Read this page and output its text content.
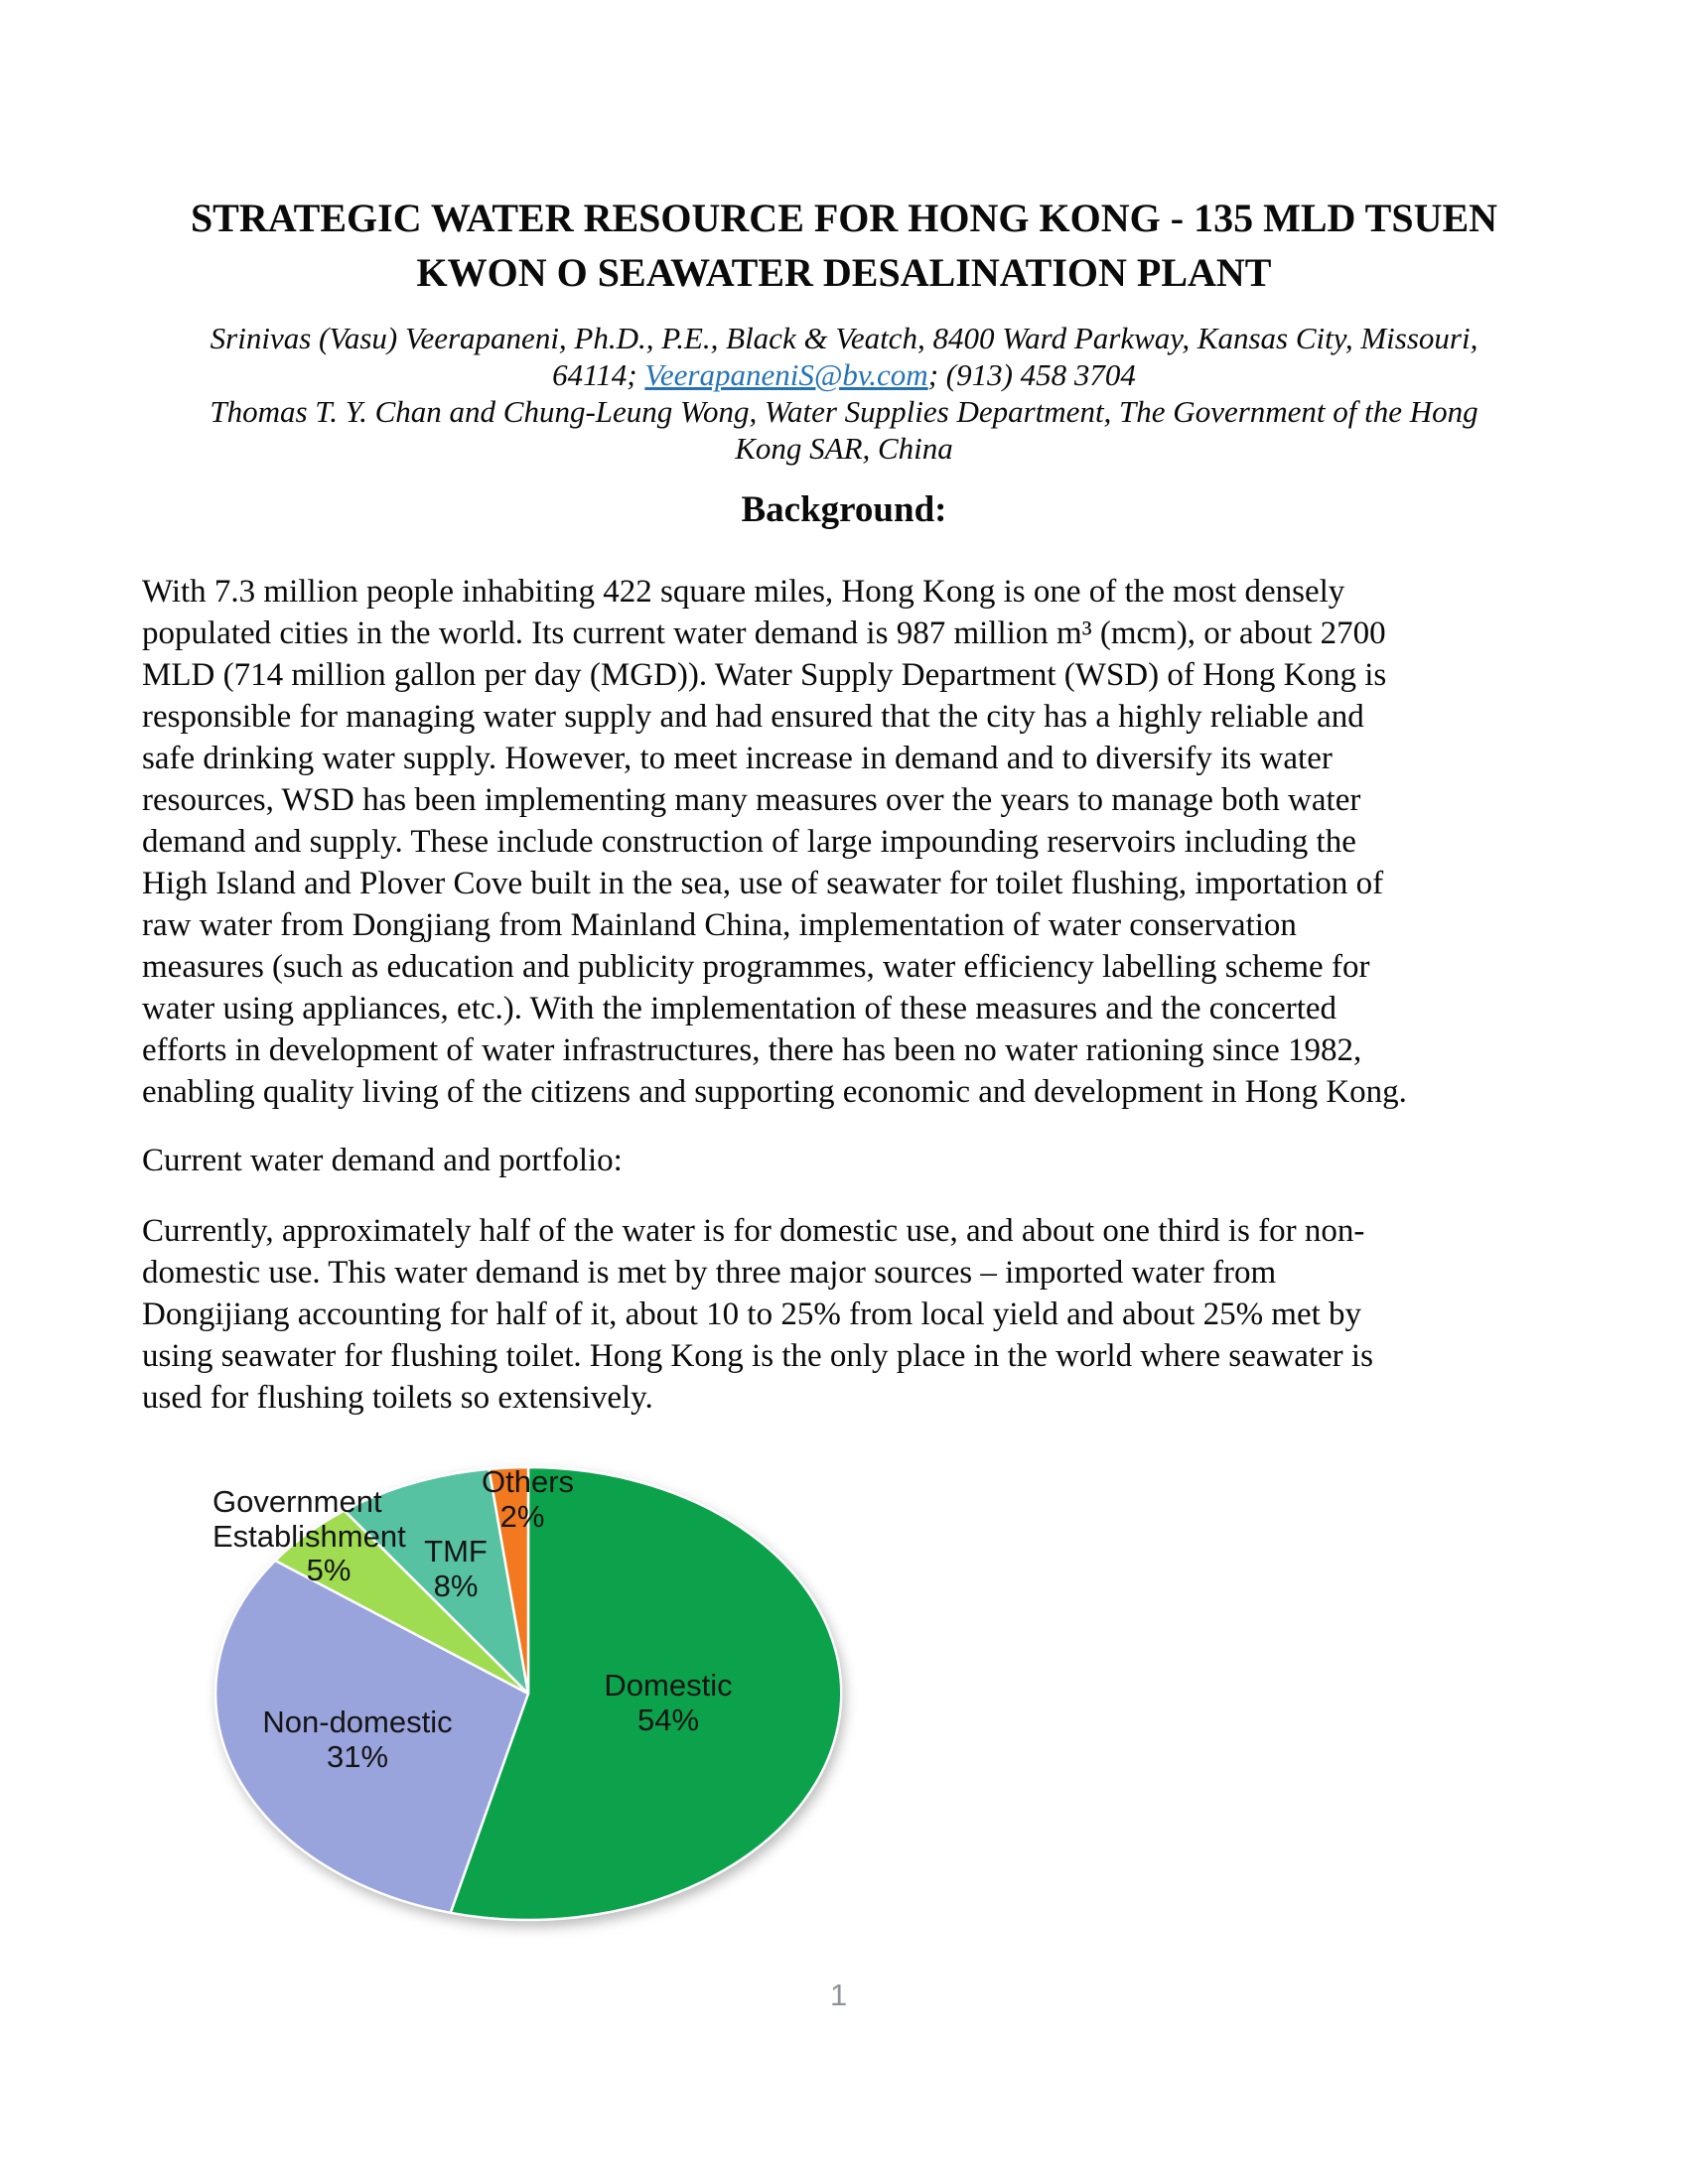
STRATEGIC WATER RESOURCE FOR HONG KONG - 135 MLD TSUEN
KWON O SEAWATER DESALINATION PLANT
Srinivas (Vasu) Veerapaneni, Ph.D., P.E., Black & Veatch, 8400 Ward Parkway, Kansas City, Missouri,
64114; VeerapaneniS@bv.com; (913) 458 3704
Thomas T. Y. Chan and Chung-Leung Wong, Water Supplies Department, The Government of the Hong
Kong SAR, China
Background:
With 7.3 million people inhabiting 422 square miles, Hong Kong is one of the most densely
populated cities in the world. Its current water demand is 987 million m³ (mcm), or about 2700
MLD (714 million gallon per day (MGD)). Water Supply Department (WSD) of Hong Kong is
responsible for managing water supply and had ensured that the city has a highly reliable and
safe drinking water supply. However, to meet increase in demand and to diversify its water
resources, WSD has been implementing many measures over the years to manage both water
demand and supply. These include construction of large impounding reservoirs including the
High Island and Plover Cove built in the sea, use of seawater for toilet flushing, importation of
raw water from Dongjiang from Mainland China, implementation of water conservation
measures (such as education and publicity programmes, water efficiency labelling scheme for
water using appliances, etc.). With the implementation of these measures and the concerted
efforts in development of water infrastructures, there has been no water rationing since 1982,
enabling quality living of the citizens and supporting economic and development in Hong Kong.
Current water demand and portfolio:
Currently, approximately half of the water is for domestic use, and about one third is for non-
domestic use. This water demand is met by three major sources – imported water from
Dongijiang accounting for half of it, about 10 to 25% from local yield and about 25% met by
using seawater for flushing toilet. Hong Kong is the only place in the world where seawater is
used for flushing toilets so extensively.
Domestic
54%
Non-domestic
31%
Government Establishment
5%
TMF
8%
Others
2%
1
